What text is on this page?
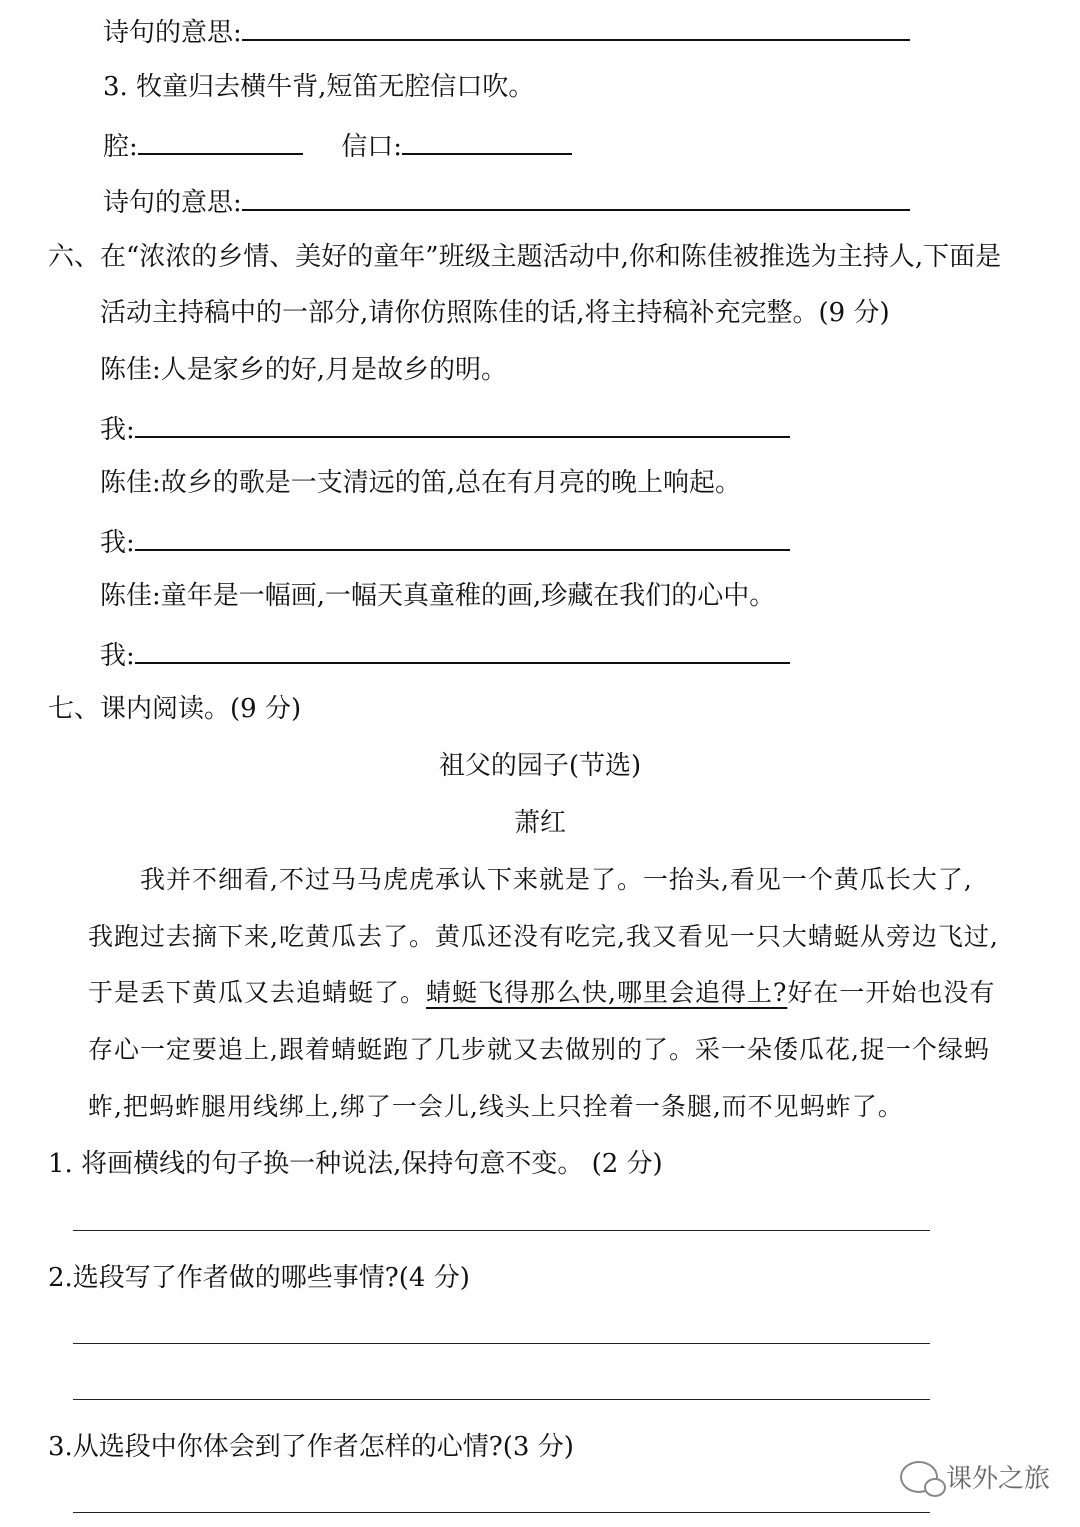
诗句的意思:
3. 牧童归去横牛背,短笛无腔信口吹。
腔:	信口:
诗句的意思:
六、在“浓浓的乡情、美好的童年”班级主题活动中,你和陈佳被推选为主持人,下面是
活动主持稿中的一部分,请你仿照陈佳的话,将主持稿补充完整。(9 分)
陈佳:人是家乡的好,月是故乡的明。
我:
陈佳:故乡的歌是一支清远的笛,总在有月亮的晚上响起。
我:
陈佳:童年是一幅画,一幅天真童稚的画,珍藏在我们的心中。
我:
七、课内阅读。(9 分)
祖父的园子(节选)
萧红
我并不细看,不过马马虎虎承认下来就是了。一抬头,看见一个黄瓜长大了,
我跑过去摘下来,吃黄瓜去了。黄瓜还没有吃完,我又看见一只大蜻蜓从旁边飞过,
于是丢下黄瓜又去追蜻蜓了。蜻蜓飞得那么快,哪里会追得上?好在一开始也没有
存心一定要追上,跟着蜻蜓跑了几步就又去做别的了。采一朵倭瓜花,捉一个绿蚂
蚱,把蚂蚱腿用线绑上,绑了一会儿,线头上只拴着一条腿,而不见蚂蚱了。
1. 将画横线的句子换一种说法,保持句意不变。 (2 分)
2.选段写了作者做的哪些事情?(4 分)
3.从选段中你体会到了作者怎样的心情?(3 分)
课外之旅
